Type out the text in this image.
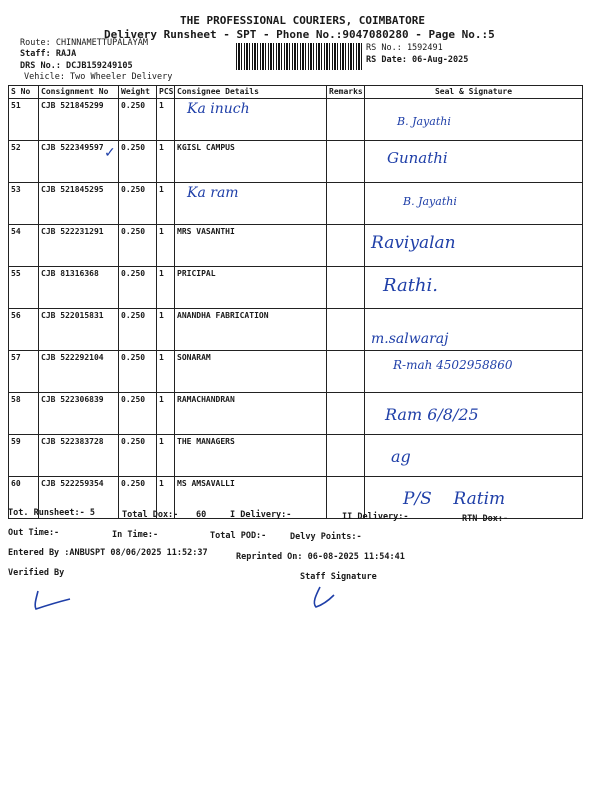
THE PROFESSIONAL COURIERS, COIMBATORE
Delivery Runsheet - SPT - Phone No.:9047080280 - Page No.:5
Route: CHINNAMETTUPALAYAM
Staff: RAJA
DRS No.: DCJB159249105
Vehicle: Two Wheeler Delivery
RS No.: 1592491
RS Date: 06-Aug-2025
S No	Consignment No	Weight	PCS	Consignee Details	Remarks	Seal & Signature
51	CJB 521845299	0.250	1	Ka inuch		B. Jayathi
52	CJB 522349597	0.250	1	KGISL CAMPUS		Gunathi
53	CJB 521845295	0.250	1	Ka ram		B. Jayathi
54	CJB 522231291	0.250	1	MRS VASANTHI		Raviyalan
55	CJB 81316368	0.250	1	PRICIPAL		Rathi.
56	CJB 522015831	0.250	1	ANANDHA FABRICATION		m.salwaraj
57	CJB 522292104	0.250	1	SONARAM		R-mah 4502958860
58	CJB 522306839	0.250	1	RAMACHANDRAN		Ram 6/8/25
59	CJB 522383728	0.250	1	THE MANAGERS		ag
60	CJB 522259354	0.250	1	MS AMSAVALLI		P/S    Ratim
✓
Tot. Runsheet:- 5	Total Dox:- 60	I Delivery:-	II Delivery:-	RTN Dox:-
Out Time:-	In Time:-	Total POD:-	Delvy Points:-
Entered By :ANBUSPT 08/06/2025 11:52:37	Reprinted On: 06-08-2025 11:54:41
Verified By	Staff Signature
